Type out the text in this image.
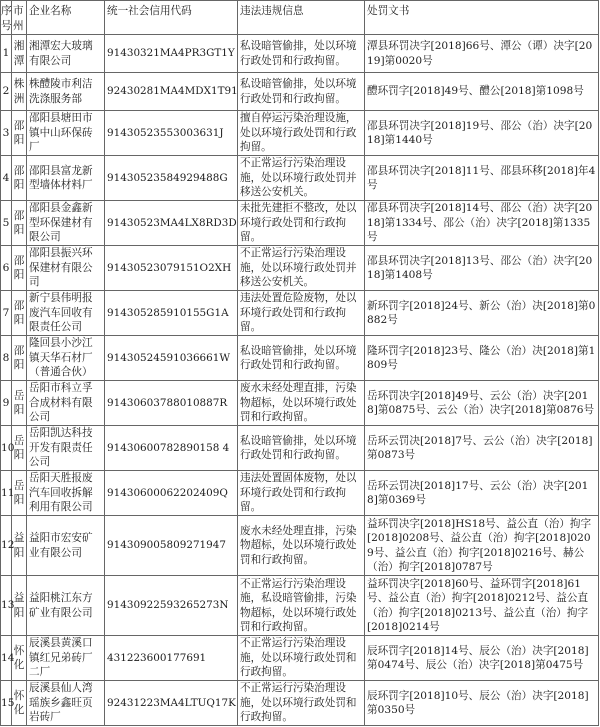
序号	市州	企业名称	统一社会信用代码	违法违规信息	处罚文书
1	湘潭	湘潭宏大玻璃有限公司	91430321MA4PR3GT1Y	私设暗管偷排，处以环境行政处罚和行政拘留。	潭县环罚决字[2018]66号、潭公（谭）决字[2019]第0020号
2	株洲	株醴陵市利洁洗涤服务部	92430281MA4MDX1T91	私设暗管偷排，处以环境行政处罚和行政拘留。	醴环罚字[2018]49号、醴公[2018]第1098号
3	邵阳	邵阳县塘田市镇中山环保砖厂	91430523553003631J	擅自停运污染治理设施，处以环境行政处罚和行政拘留。	邵县环罚决字[2018]19号、邵公（治）决字[2018]第1440号
4	邵阳	邵阳县富龙新型墙体材料厂	91430523584929488G	不正常运行污染治理设施，处以环境行政处罚并移送公安机关。	邵县环罚决字[2018]11号、邵县环移[2018]年4号
5	邵阳	邵阳县金鑫新型环保建材有限公司	91430523MA4LX8RD3D	未批先建拒不整改，处以环境行政处罚和行政拘留。	邵县环罚决字[2018]14号、邵公（治）决字[2018]第1334号、邵公（治）决字[2018]第1335号
6	邵阳	邵阳县振兴环保建材有限公司	91430523079151O2XH	不正常运行污染治理设施，处以环境行政处罚并移送公安机关。	邵县环罚决字[2018]13号、邵公（治）决字[2018]第1408号
7	邵阳	新宁县伟明报废汽车回收有限责任公司	914305285910155G1A	违法处置危险废物，处以环境行政处罚和行政拘留。	新环罚字[2018]24号、新公（治）决[2018]第0882号
8	邵阳	隆回县小沙江镇天华石材厂（普通合伙）	91430524591036661W	私设暗管偷排，处以环境行政处罚和行政拘留。	隆环罚字[2018]23号、隆公（治）决[2018]第1809号
9	岳阳	岳阳市科立孚合成材料有限公司	91430603788010887R	废水未经处理直排，污染物超标，处以环境行政处罚和行政拘留。	岳环罚决字[2018]49号、云公（治）决字[2018]第0875号、云公（治）决字[2018]第0876号
10	岳阳	岳阳凯达科技开发有限责任公司	91430600782890158 4	私设暗管偷排，处以环境行政处罚和行政拘留。	岳环云罚决[2018]7号、云公（治）决字[2018]第0873号
11	岳阳	岳阳天胜报废汽车回收拆解利用有限公司	91430600062202409Q	违法处置固体废物，处以环境行政处罚和行政拘留。	岳环云罚决[2018]17号、云公（治）决字[2018]第0369号
12	益阳	益阳市宏安矿业有限公司	914309005809271947	废水未经处理直排，污染物超标，处以环境行政处罚和行政拘留。	益环罚决字[2018]HS18号、益公直（治）拘字[2018]0208号、益公直（治）拘字[2018]0209号、益公直（治）拘字[2018]0216号、赫公（治）拘字[2018]0787号
13	益阳	益阳桃江东方矿业有限公司	91430922593265273N	不正常运行污染治理设施，私设暗管偷排，污染物超标，处以环境行政处罚和行政拘留。	益环罚决字[2018]60号、益环罚字[2018]61号、益公直（治）拘字[2018]0212号、益公直（治）拘字[2018]0213号、益公直（治）拘字[2018]0214号
14	怀化	辰溪县黄溪口镇红兄弟砖厂二厂	431223600177691	不正常运行污染治理设施，处以环境行政处罚和行政拘留。	辰环罚字[2018]14号、辰公（治）决字[2018]第0474号、辰公（治）决字[2018]第0475号
15	怀化	辰溪县仙人湾瑶族乡鑫旺页岩砖厂	92431223MA4LTUQ17K	不正常运行污染治理设施，处以环境行政处罚和行政拘留。	辰环罚字[2018]10号、辰公（治）决字[2018]第0350号
